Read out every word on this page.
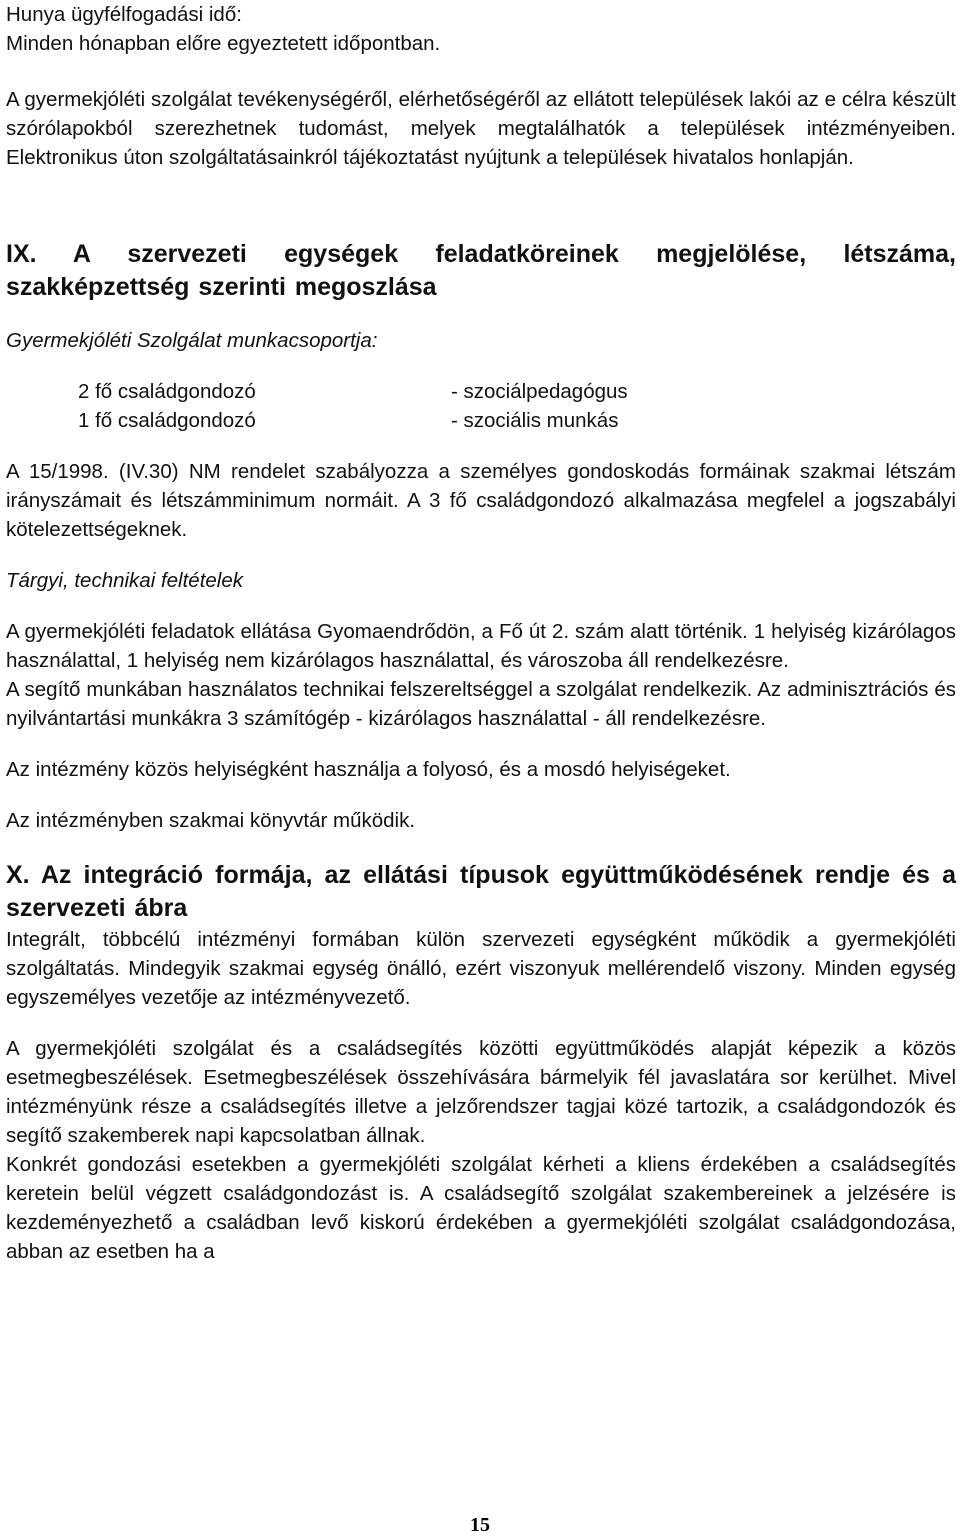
Hunya ügyfélfogadási idő:

Minden hónapban előre egyeztetett időpontban.

A gyermekjóléti szolgálat tevékenységéről, elérhetőségéről az ellátott települések lakói az e célra készült szórólapokból szerezhetnek tudomást, melyek megtalálhatók a települések intézményeiben. Elektronikus úton szolgáltatásainkról tájékoztatást nyújtunk a települések hivatalos honlapján.

IX. A szervezeti egységek feladatköreinek megjelölése, létszáma, szakképzettség szerinti megoszlása

Gyermekjóléti Szolgálat munkacsoportja:

2 fő családgondozó	- szociálpedagógus
1 fő családgondozó	- szociális munkás

A 15/1998. (IV.30) NM rendelet szabályozza a személyes gondoskodás formáinak szakmai létszám irányszámait és létszámminimum normáit. A 3 fő családgondozó alkalmazása megfelel a jogszabályi kötelezettségeknek.

Tárgyi, technikai feltételek

A gyermekjóléti feladatok ellátása Gyomaendrődön, a Fő út 2. szám alatt történik. 1 helyiség kizárólagos használattal, 1 helyiség nem kizárólagos használattal, és városzoba áll rendelkezésre.

A segítő munkában használatos technikai felszereltséggel a szolgálat rendelkezik. Az adminisztrációs és nyilvántartási munkákra 3 számítógép - kizárólagos használattal - áll rendelkezésre.

Az intézmény közös helyiségként használja a folyosó, és a mosdó helyiségeket.

Az intézményben szakmai könyvtár működik.

X. Az integráció formája, az ellátási típusok együttműködésének rendje és a szervezeti ábra

Integrált, többcélú intézményi formában külön szervezeti egységként működik a gyermekjóléti szolgáltatás. Mindegyik szakmai egység önálló, ezért viszonyuk mellérendelő viszony. Minden egység egyszemélyes vezetője az intézményvezető.

A gyermekjóléti szolgálat és a családsegítés közötti együttműködés alapját képezik a közös esetmegbeszélések. Esetmegbeszélések összehívására bármelyik fél javaslatára sor kerülhet. Mivel intézményünk része a családsegítés illetve a jelzőrendszer tagjai közé tartozik, a családgondozók és segítő szakemberek napi kapcsolatban állnak.

Konkrét gondozási esetekben a gyermekjóléti szolgálat kérheti a kliens érdekében a családsegítés keretein belül végzett családgondozást is. A családsegítő szolgálat szakembereinek a jelzésére is kezdeményezhető a családban levő kiskorú érdekében a gyermekjóléti szolgálat családgondozása, abban az esetben ha a

15
